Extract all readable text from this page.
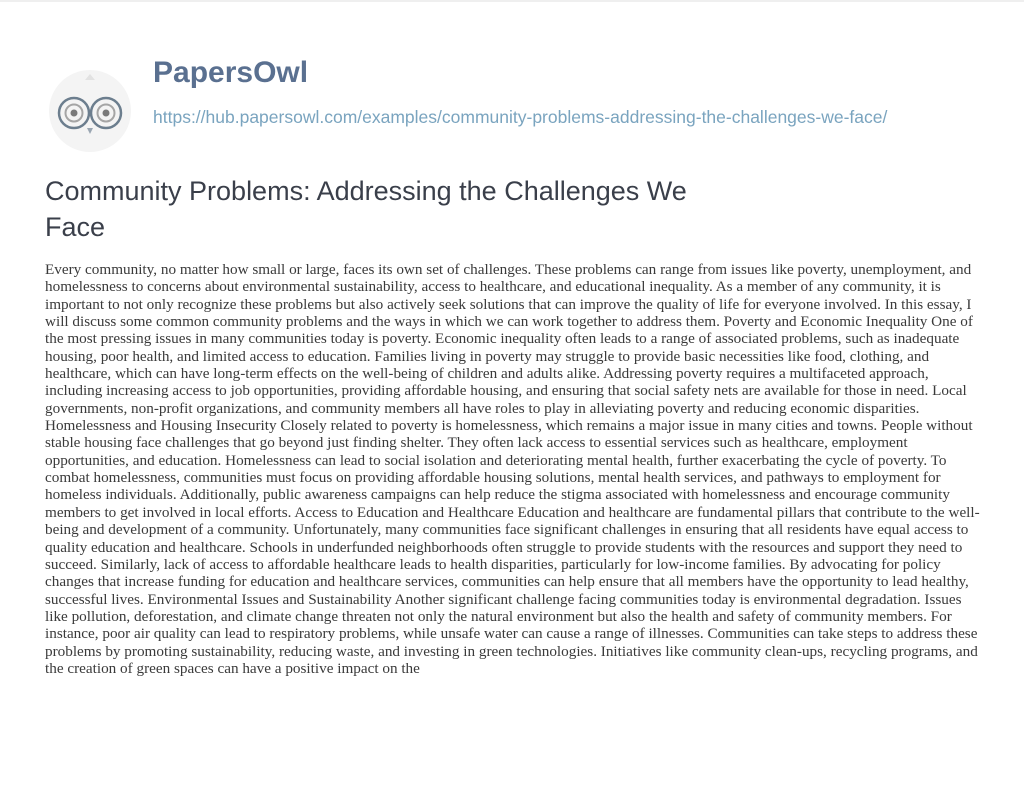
PapersOwl
https://hub.papersowl.com/examples/community-problems-addressing-the-challenges-we-face/
Community Problems: Addressing the Challenges We Face

Every community, no matter how small or large, faces its own set of challenges. These problems can range from issues like poverty, unemployment, and homelessness to concerns about environmental sustainability, access to healthcare, and educational inequality. As a member of any community, it is important to not only recognize these problems but also actively seek solutions that can improve the quality of life for everyone involved. In this essay, I will discuss some common community problems and the ways in which we can work together to address them. Poverty and Economic Inequality One of the most pressing issues in many communities today is poverty. Economic inequality often leads to a range of associated problems, such as inadequate housing, poor health, and limited access to education. Families living in poverty may struggle to provide basic necessities like food, clothing, and healthcare, which can have long-term effects on the well-being of children and adults alike. Addressing poverty requires a multifaceted approach, including increasing access to job opportunities, providing affordable housing, and ensuring that social safety nets are available for those in need. Local governments, non-profit organizations, and community members all have roles to play in alleviating poverty and reducing economic disparities. Homelessness and Housing Insecurity Closely related to poverty is homelessness, which remains a major issue in many cities and towns. People without stable housing face challenges that go beyond just finding shelter. They often lack access to essential services such as healthcare, employment opportunities, and education. Homelessness can lead to social isolation and deteriorating mental health, further exacerbating the cycle of poverty. To combat homelessness, communities must focus on providing affordable housing solutions, mental health services, and pathways to employment for homeless individuals. Additionally, public awareness campaigns can help reduce the stigma associated with homelessness and encourage community members to get involved in local efforts. Access to Education and Healthcare Education and healthcare are fundamental pillars that contribute to the well-being and development of a community. Unfortunately, many communities face significant challenges in ensuring that all residents have equal access to quality education and healthcare. Schools in underfunded neighborhoods often struggle to provide students with the resources and support they need to succeed. Similarly, lack of access to affordable healthcare leads to health disparities, particularly for low-income families. By advocating for policy changes that increase funding for education and healthcare services, communities can help ensure that all members have the opportunity to lead healthy, successful lives. Environmental Issues and Sustainability Another significant challenge facing communities today is environmental degradation. Issues like pollution, deforestation, and climate change threaten not only the natural environment but also the health and safety of community members. For instance, poor air quality can lead to respiratory problems, while unsafe water can cause a range of illnesses. Communities can take steps to address these problems by promoting sustainability, reducing waste, and investing in green technologies. Initiatives like community clean-ups, recycling programs, and the creation of green spaces can have a positive impact on the
